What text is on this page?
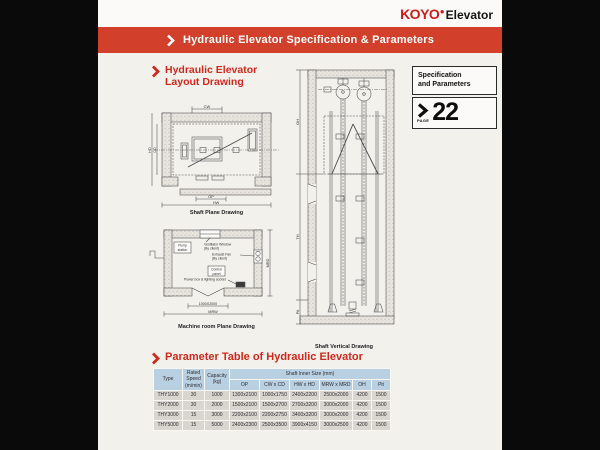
KOYO ● Elevator
Hydraulic Elevator Specification & Parameters
Hydraulic Elevator
Layout Drawing
Specification
and Parameters
PAGE 22
CW
HD CD
OP
HW
Shaft Plane Drawing
Pump
station
Ventilator Window
(By client)
Exhaust Fan
(By client)
Control
panel
Power box & lighting socket
MRD
1000X2000
MRW
Machine room Plane Drawing
OH
TH
Pit
Shaft Vertical Drawing
Parameter Table of Hydraulic Elevator
Type	Rated Speed (m/min)	Capacity (kg)	Shaft Inner Size (mm)					
			OP	CW x CD	HW x HD	MRW x MRD	OH	Pit
THY1000	30	1000	1300x2100	1000x1750	2400x2200	2500x2000	4200	1500
THY2000	30	2000	1500x2100	1500x2700	2700x3200	3000x2000	4200	1500
THY3000	15	3000	2200x2100	2200x2750	3400x3200	3000x2000	4200	1500
THY5000	15	5000	2400x2300	2500x3500	3900x4150	3000x2500	4200	1500
